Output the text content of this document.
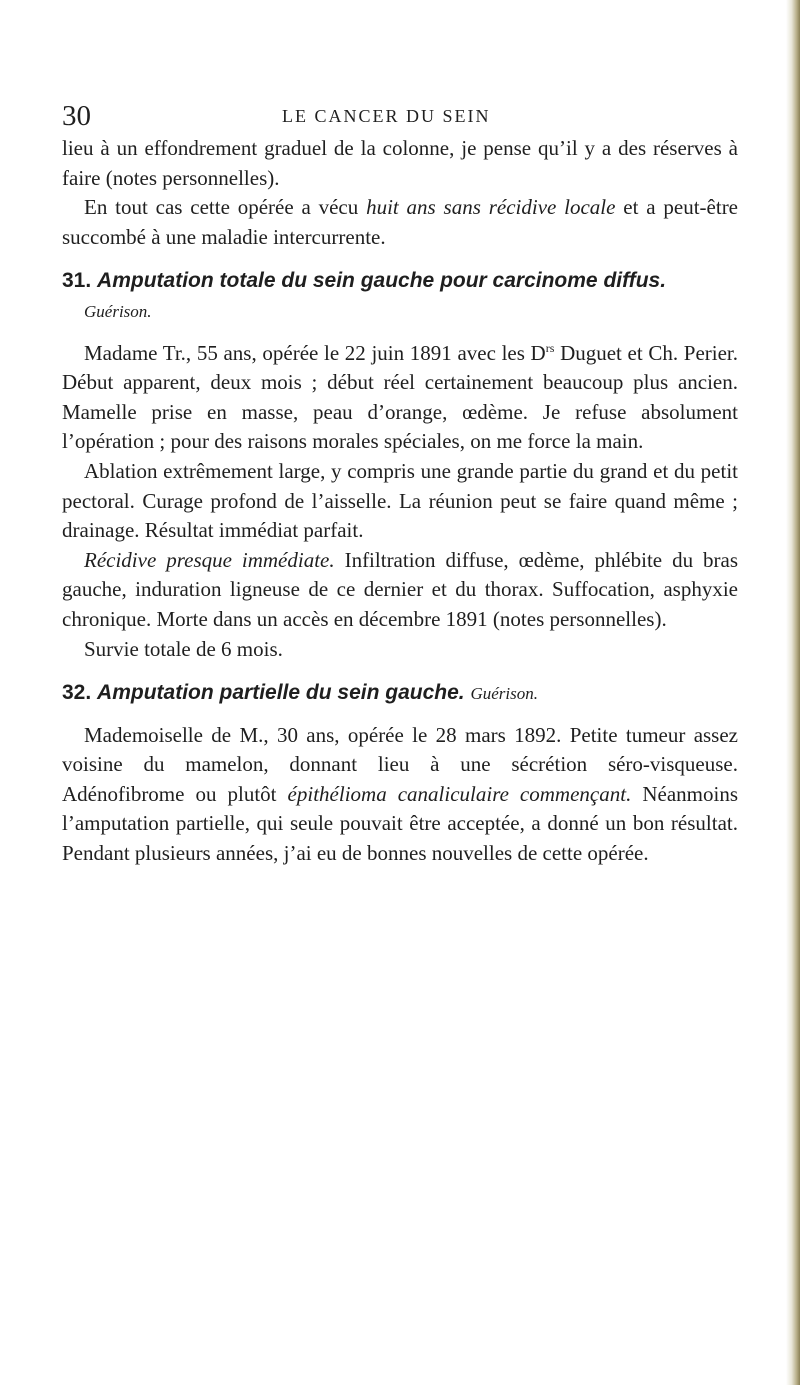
30	LE CANCER DU SEIN

lieu à un effondrement graduel de la colonne, je pense qu’il y a des réserves à faire (notes personnelles).

En tout cas cette opérée a vécu huit ans sans récidive locale et a peut-être succombé à une maladie intercurrente.

31. Amputation totale du sein gauche pour carcinome diffus. Guérison.

Madame Tr., 55 ans, opérée le 22 juin 1891 avec les $D^{rs}$ Duguet et Ch. Perier. Début apparent, deux mois ; début réel certainement beaucoup plus ancien. Mamelle prise en masse, peau d’orange, œdème. Je refuse absolument l’opération ; pour des raisons morales spéciales, on me force la main.

Ablation extrêmement large, y compris une grande partie du grand et du petit pectoral. Curage profond de l’aisselle. La réunion peut se faire quand même ; drainage. Résultat immédiat parfait.

Récidive presque immédiate. Infiltration diffuse, œdème, phlébite du bras gauche, induration ligneuse de ce dernier et du thorax. Suffocation, asphyxie chronique. Morte dans un accès en décembre 1891 (notes personnelles).

Survie totale de 6 mois.

32. Amputation partielle du sein gauche. Guérison.

Mademoiselle de M., 30 ans, opérée le 28 mars 1892. Petite tumeur assez voisine du mamelon, donnant lieu à une sécrétion séro-visqueuse. Adénofibrome ou plutôt épithélioma canaliculaire commençant. Néanmoins l’amputation partielle, qui seule pouvait être acceptée, a donné un bon résultat. Pendant plusieurs années, j’ai eu de bonnes nouvelles de cette opérée.
